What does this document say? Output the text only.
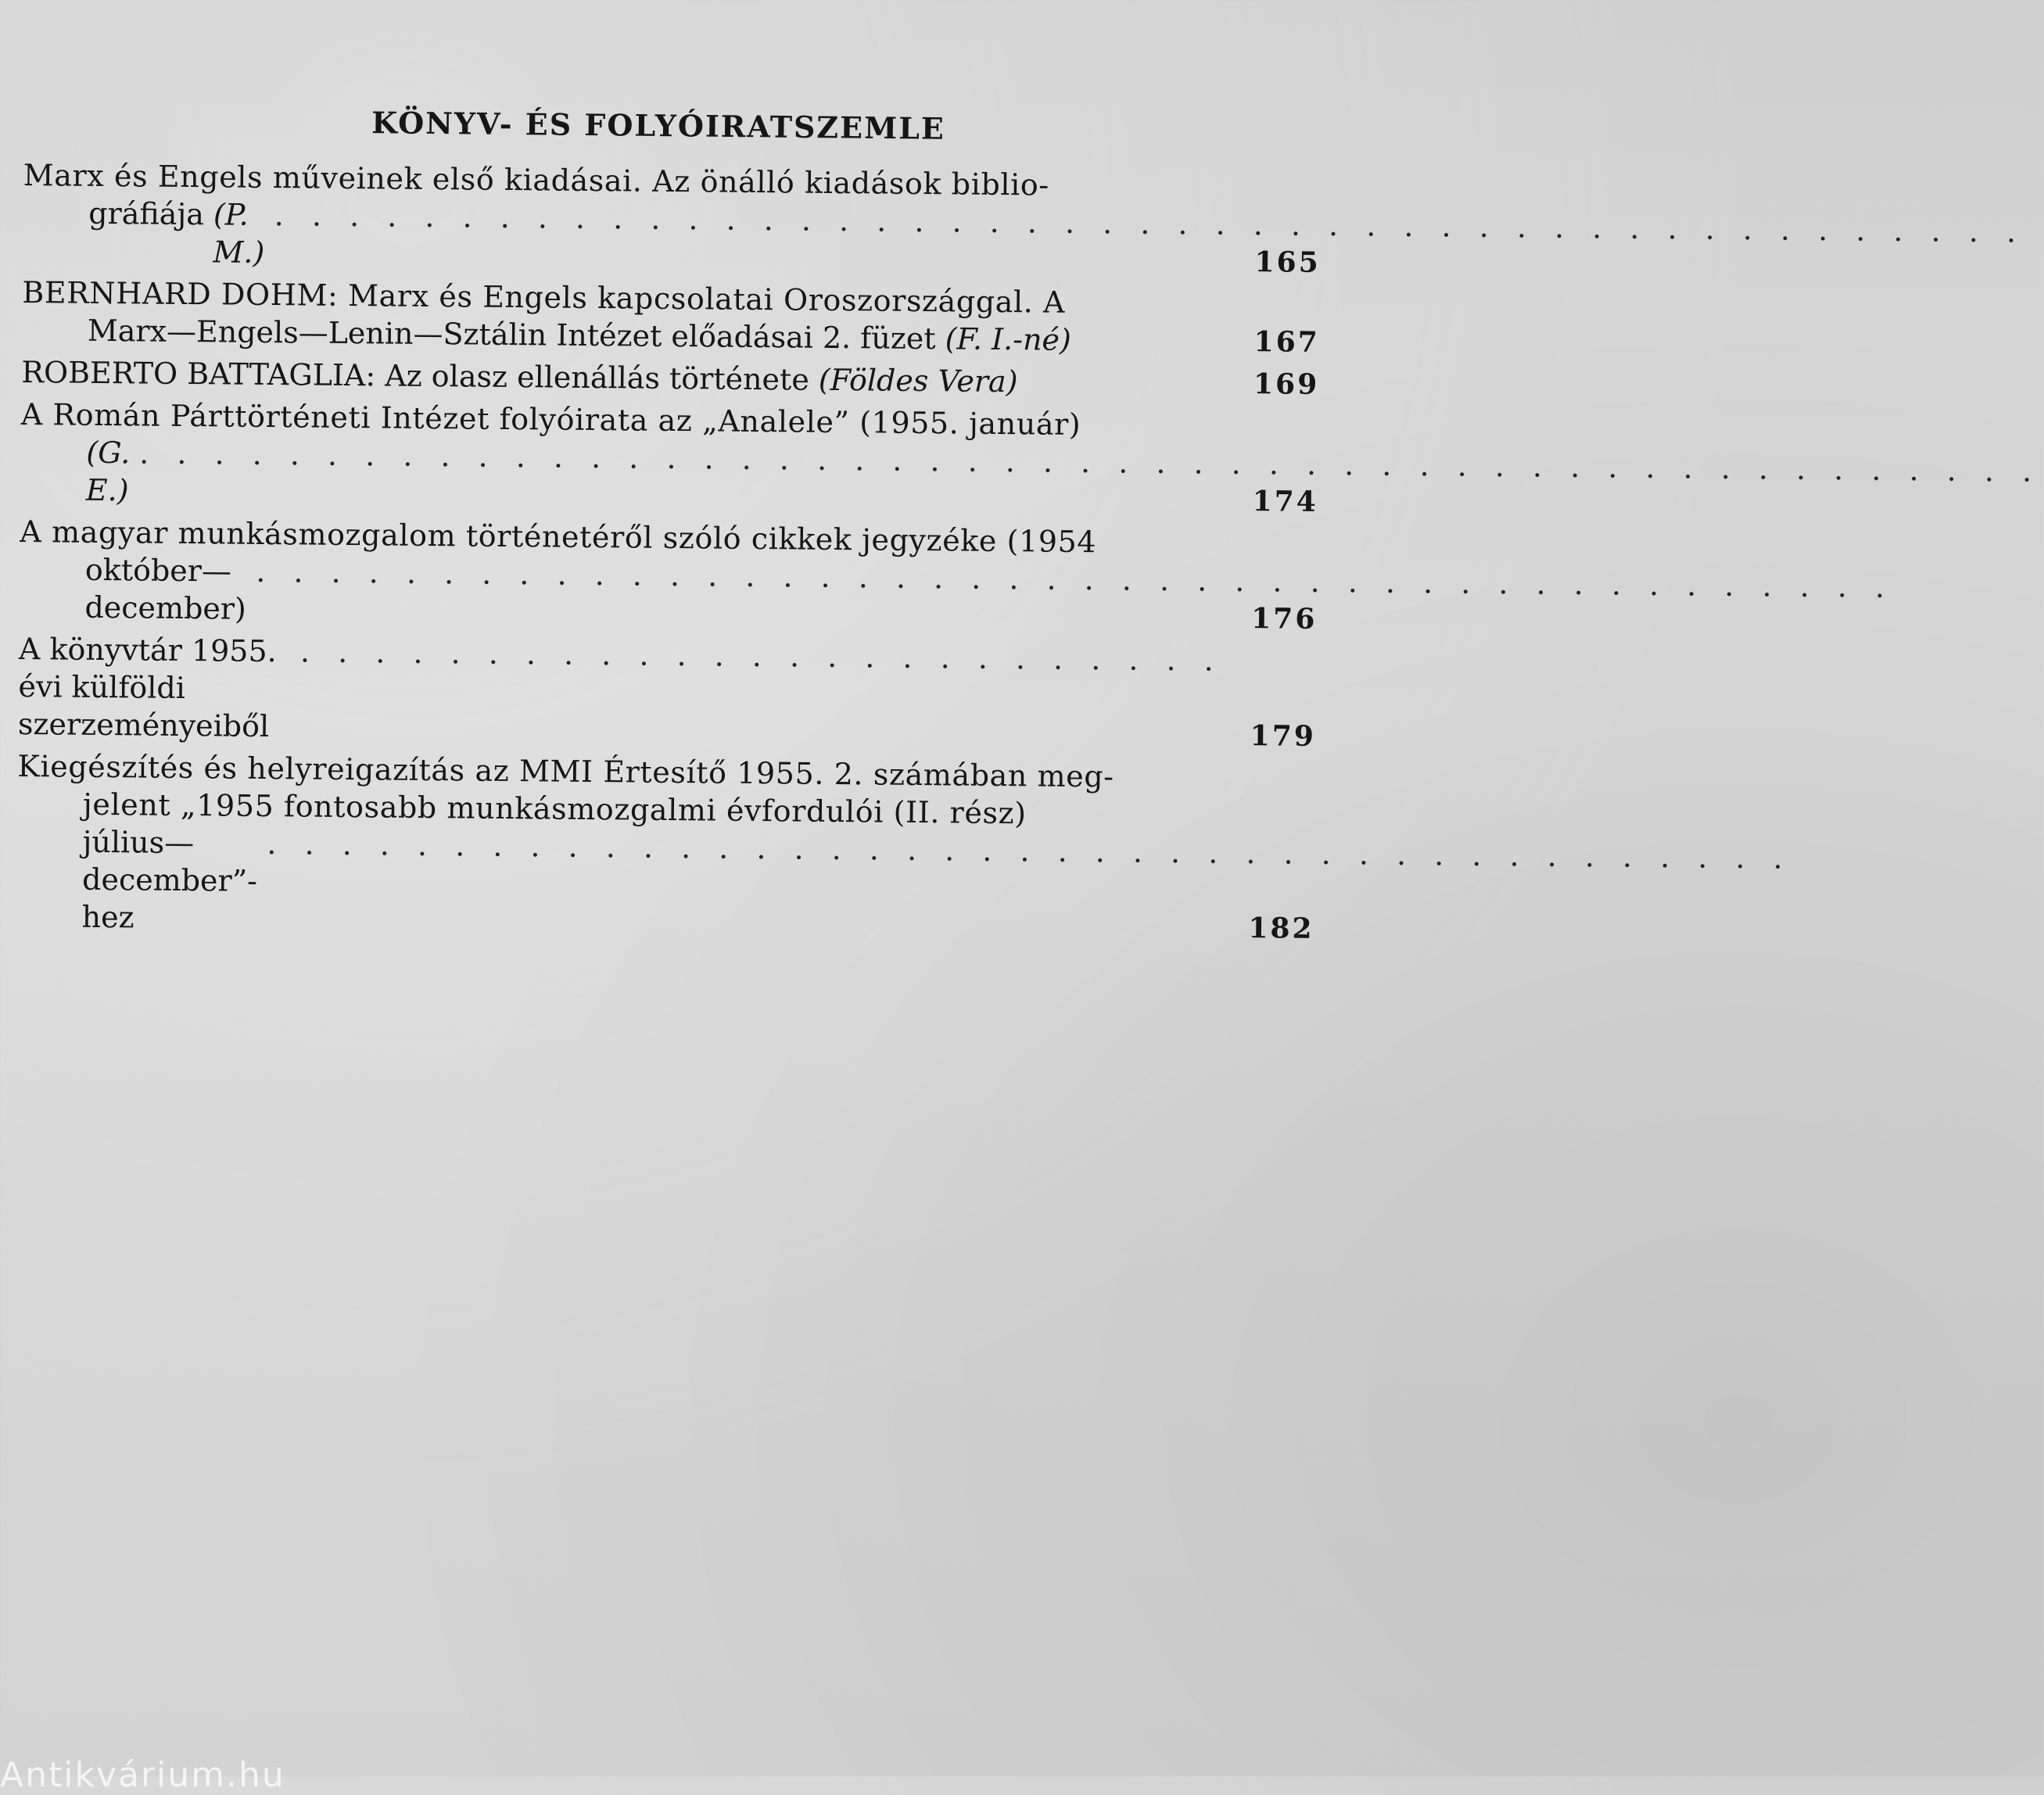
KÖNYV- ÉS FOLYÓIRATSZEMLE
Marx és Engels műveinek első kiadásai. Az önálló kiadások biblio-
gráfiája
(P. M.)
. . . . . . . . . . . . . . . . . . . . . . . . . . . . . . . . . . . . . . . . . . . . . . .
165
BERNHARD DOHM: Marx és Engels kapcsolatai Oroszországgal. A
Marx—Engels—Lenin—Sztálin Intézet előadásai 2. füzet
(F. I.-né)	167
ROBERTO BATTAGLIA: Az olasz ellenállás története
(Földes Vera)	169
A Román Párttörténeti Intézet folyóirata az „Analele” (1955. január)
(G. E.)
. . . . . . . . . . . . . . . . . . . . . . . . . . . . . . . . . . . . . . . . . . . . . . . . . . .
174
A magyar munkásmozgalom történetéről szóló cikkek jegyzéke (1954
október—december)
. . . . . . . . . . . . . . . . . . . . . . . . . . . . . . . . . . . . . . . . . . . .
176
A könyvtár 1955. évi külföldi szerzeményeiből
. . . . . . . . . . . . . . . . . . . . . . . . .
179
Kiegészítés és helyreigazítás az MMI Értesítő 1955. 2. számában meg-
jelent „1955 fontosabb munkásmozgalmi évfordulói (II. rész)
július—december”-hez
. . . . . . . . . . . . . . . . . . . . . . . . . . . . . . . . . . . . . . . . .
182
Antikvárium.hu
